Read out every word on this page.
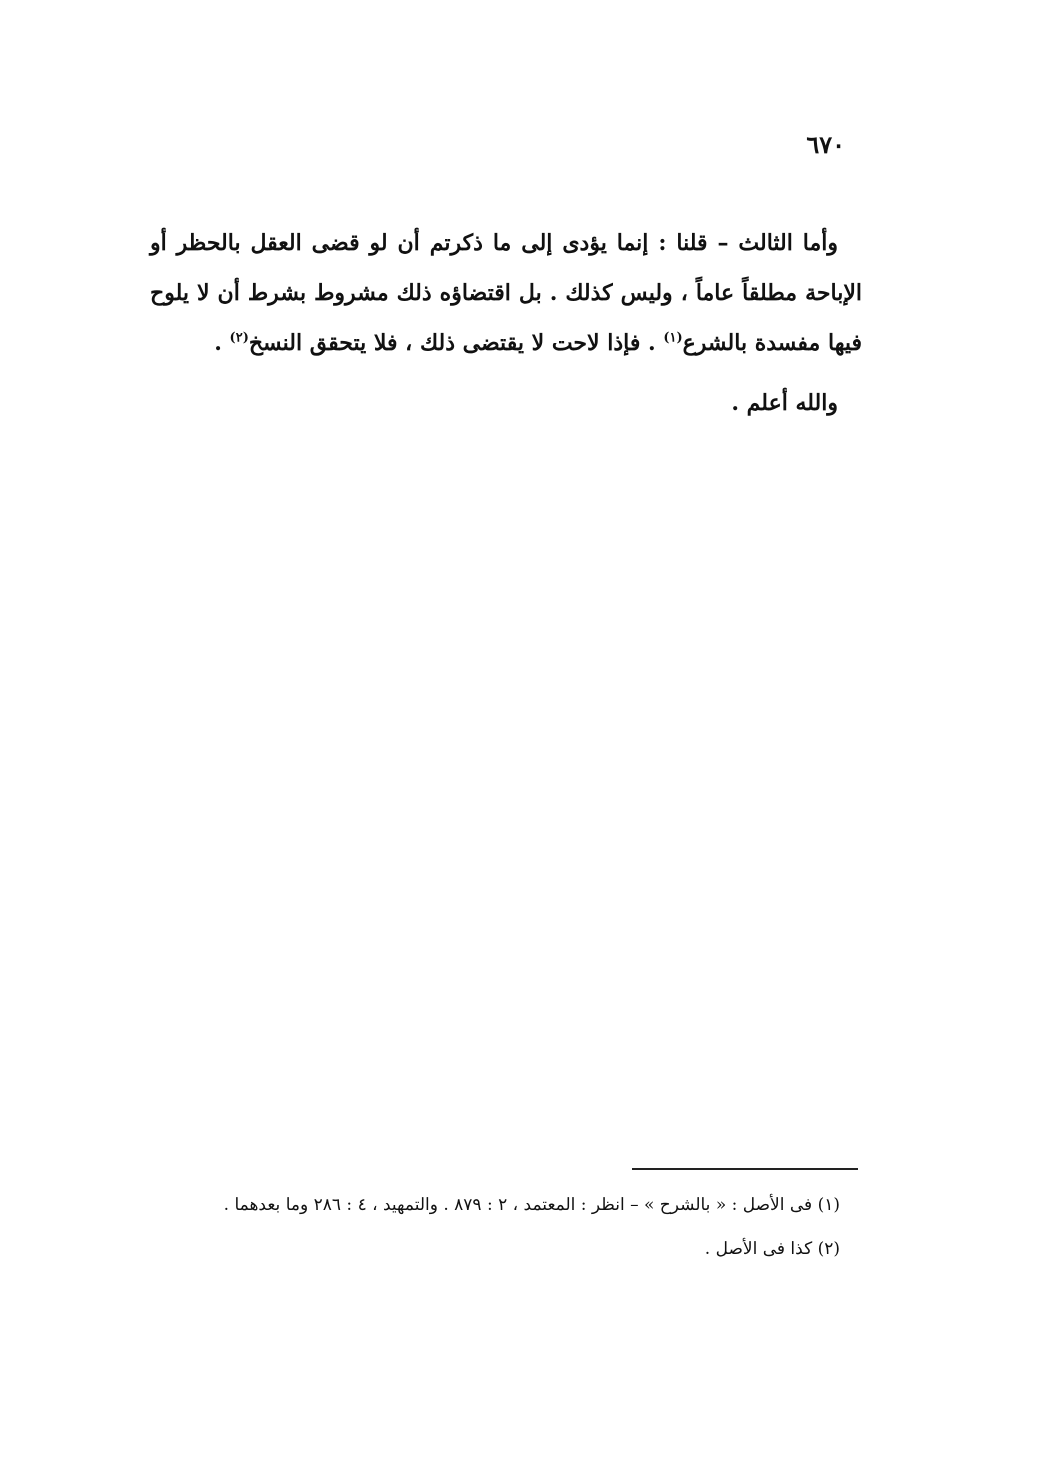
٦٧٠

وأما الثالث – قلنا : إنما يؤدى إلى ما ذكرتم أن لو قضى العقل بالحظر أو الإباحة مطلقاً عاماً ، وليس كذلك . بل اقتضاؤه ذلك مشروط بشرط أن لا يلوح فيها مفسدة بالشرع$^{(١)}$ . فإذا لاحت لا يقتضى ذلك ، فلا يتحقق النسخ$^{(٢)}$ .

والله أعلم .

(١) فى الأصل : « بالشرح » – انظر : المعتمد ، ٢ : ٨٧٩ . والتمهيد ، ٤ : ٢٨٦ وما بعدهما .

(٢) كذا فى الأصل .
